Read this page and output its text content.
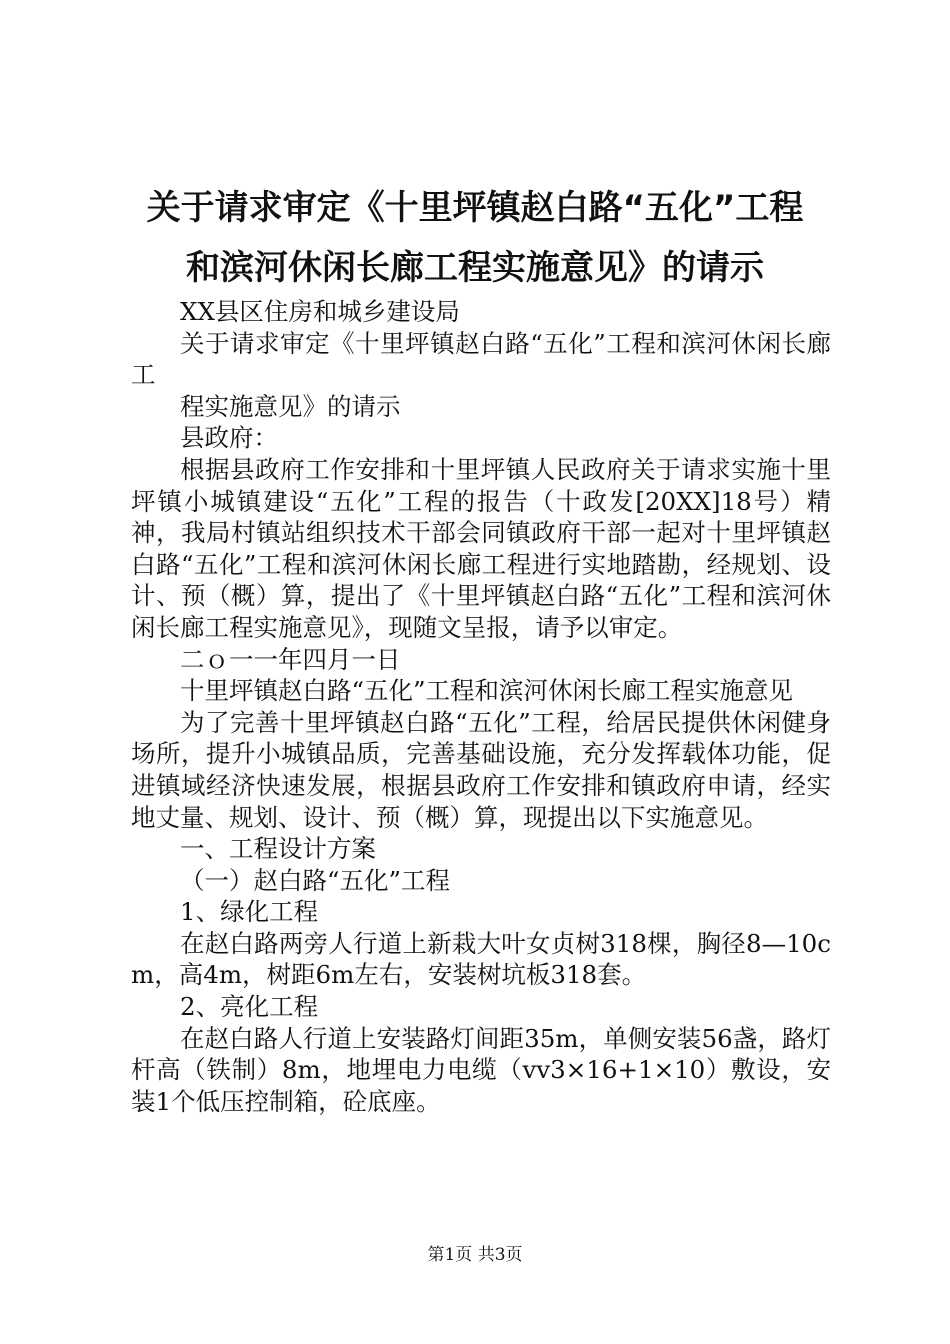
关于请求审定《十里坪镇赵白路“五化”工程
和滨河休闲长廊工程实施意见》的请示

XX县区住房和城乡建设局

关于请求审定《十里坪镇赵白路“五化”工程和滨河休闲长廊工

程实施意见》的请示

县政府：

根据县政府工作安排和十里坪镇人民政府关于请求实施十里坪镇小城镇建设“五化”工程的报告（十政发[20XX]18号）精神，我局村镇站组织技术干部会同镇政府干部一起对十里坪镇赵白路“五化”工程和滨河休闲长廊工程进行实地踏勘，经规划、设计、预（概）算，提出了《十里坪镇赵白路“五化”工程和滨河休闲长廊工程实施意见》，现随文呈报，请予以审定。

二ｏ一一年四月一日

十里坪镇赵白路“五化”工程和滨河休闲长廊工程实施意见

为了完善十里坪镇赵白路“五化”工程，给居民提供休闲健身场所，提升小城镇品质，完善基础设施，充分发挥载体功能，促进镇域经济快速发展，根据县政府工作安排和镇政府申请，经实地丈量、规划、设计、预（概）算，现提出以下实施意见。

一、工程设计方案

（一）赵白路“五化”工程

1、绿化工程

在赵白路两旁人行道上新栽大叶女贞树318棵，胸径8—10cm，高4m，树距6m左右，安装树坑板318套。

2、亮化工程

在赵白路人行道上安装路灯间距35m，单侧安装56盏，路灯杆高（铁制）8m，地埋电力电缆（vv3×16+1×10）敷设，安装1个低压控制箱，砼底座。

第1页 共3页
